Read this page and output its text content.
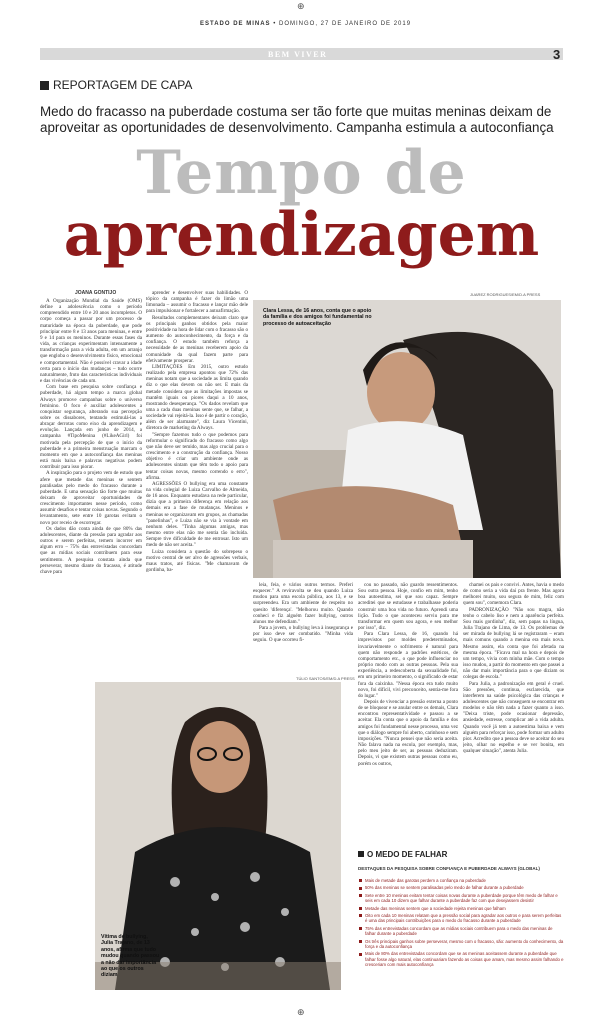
⊕
⊕
ESTADO DE MINAS • DOMINGO, 27 DE JANEIRO DE 2019
BEM VIVER	3
REPORTAGEM DE CAPA
Medo do fracasso na puberdade costuma ser tão forte que muitas meninas deixam de aproveitar as oportunidades de desenvolvimento. Campanha estimula a autoconfiança
Tempo de
aprendizagem
JOANA GONTIJO

A Organização Mundial da Saúde (OMS) define a adolescência como o período compreendido entre 10 e 20 anos incompletos. O corpo começa a passar por um processo de maturidade na época da puberdade, que pode principiar entre 8 e 13 anos para meninas, e entre 9 e 14 para os meninos. Durante essas fases da vida, as crianças experimentam intensamente a transformação para a vida adulta, em um arranjo que engloba o desenvolvimento físico, emocional e comportamental. Não é possível cravar a idade certa para o início das mudanças – tudo ocorre naturalmente, fruto das características individuais e das vivências de cada um.

Com base em pesquisa sobre confiança e puberdade, há algum tempo a marca global Always promove campanhas sobre o universo feminino. O foco é auxiliar adolescentes a conquistar segurança, alterando sua percepção sobre os dissabores, tentando estimulá-las a abraçar derrotas como eixo da aprendizagem e evolução. Lançada em junho de 2014, a campanha #TipoMenina (#LikeAGirl) foi motivada pela percepção de que o início da puberdade e a primeira menstruação marcam o momento em que a autoconfiança das meninas está mais baixa e palavras negativas podem contribuir para isso piorar.

A inspiração para o projeto vem de estudo que afere que metade das meninas se sentem paralisadas pelo medo do fracasso durante a puberdade. E uma sensação tão forte que muitas deixam de aproveitar oportunidades de crescimento importantes nesse período, como assumir desafios e tentar coisas novas. Segundo o levantamento, sete entre 10 garotas evitam o novo por receio de escorregar.

Os dados dão conta ainda de que 80% das adolescentes, diante da pressão para agradar aos outros e serem perfeitas, temem incorrer em algum erro – 75% das entrevistadas concordam que as mídias sociais contribuem para esse sentimento. A pesquisa constata ainda que perseverar, mesmo diante do fracasso, é atitude chave para

aprender e desenvolver suas habilidades. O tópico da campanha é fazer do limão uma limonada – assumir o fracasso e lançar mão dele para impulsionar e fortalecer a autoafirmação.

Resultados complementares deixam claro que os principais ganhos obtidos pela maior positividade na hora de lidar com o fracasso são o aumento do autoconhecimento, da força e da confiança. O estudo também reforça a necessidade de as meninas receberem apoio da comunidade da qual fazem parte para efetivamente prosperar.

LIMITAÇÕES Em 2015, outro estudo realizado pela empresa apontou que 72% das meninas notam que a sociedade as limita quando diz o que elas devem ou não ser. E mais da metade considera que as limitações impostas se mantêm iguais ou piores daqui a 10 anos, mostrando desesperança. "Os dados revelam que uma a cada duas meninas sente que, se falhar, a sociedade vai rejeitá-la. Isso é de partir o coração, além de ser alarmante", diz Laura Vicentini, diretora de marketing da Always.

"Sempre fazemos tudo o que podemos para reformular o significado do fracasso como algo que não deve ser temido, mas algo crucial para o crescimento e a construção da confiança. Nosso objetivo é criar um ambiente onde as adolescentes sintam que têm todo o apoio para tentar coisas novas, mesmo correndo o erro", afirma.

AGRESSÕES O bullying era uma constante na vida colegial de Luiza Carvalho de Almeida, de 16 anos. Enquanto estudava na rede particular, dizia que a primeira diferença em relação aos demais era a fase de mudanças. Meninos e meninas se organizavam em grupos, as chamadas "panelinhas", e Luiza não se via à vontade em nenhum deles. "Tinha algumas amigas, mas mesmo entre elas não me sentia tão incluída. Sempre tive dificuldade de me entrosar. Isto um medo de não ser aceita."

Luiza considera a questão do sobrepeso o motivo central de ser alvo de agressões verbais, maus tratos, até físicas. "Me chamavam de gordinha, ba-

JUAREZ RODRIGUES/EM/D.A PRESS
Clara Lessa, de 16 anos, conta que o apoio da família e dos amigos foi fundamental no processo de autoaceitação

leia, feia, e vários outros termos. Preferi esquecer." A reviravolta se deu quando Luiza mudou para uma escola pública, aos 13, e se surpreendeu. Era um ambiente de respeito no quesito 'diferença'. "Melhorou muito. Quando conheci e fiz alguém fazer bullying, outros alunos me defendiam."

Para a jovem, o bullying leva à insegurança e por isso deve ser combatido. "Minha vida seguiu. O que ocorreu fi-

cou no passado, não guardo ressentimentos. Sou outra pessoa. Hoje, confio em mim, tenho boa autoestima, sei que sou capaz. Sempre acreditei que se estudasse e trabalhasse poderia construir uma boa vida no futuro. Aprendi uma lição. Tudo o que aconteceu serviu para me transformar em quem sou agora, e seu melhor por isso", diz.

Para Clara Lessa, de 16, quando há imprevistos por moldes predeterminados, invariavelmente o sofrimento é natural para quem não responde a padrões estéticos, de comportamento etc., o que pode influenciar no próprio modo com as outras pessoas. Pela sua experiência, a redescoberta da sexualidade foi, em um primeiro momento, o significado de estar fora da caixinha. "Nessa época era tudo muito novo, foi difícil, vivi preconceito, sentia-me fora do lugar."

Depois de vivenciar a pressão externa a ponto de se bloquear e se anular entre os demais, Clara encontrou representatividade e passou a se aceitar. Ela conta que o apoio da família e dos amigos foi fundamental nesse processo, uma vez que o diálogo sempre foi aberto, carinhoso e sem imposições. "Nunca pensei que não seria aceita. Não falava nada na escola, por exemplo, mas, pelo meu jeito de ser, as pessoas deduziram. Depois, vi que existem outras pessoas como eu, porém os outros,

chamei os pais e convivi. Antes, havia o medo de como seria a vida daí pra frente. Mas agora melhorei muito, sou segura de mim, feliz com quem sou", comemora Clara.

PADRONIZAÇÃO "Não sou magra, não tenho o cabelo liso e nem a aparência perfeita. Sou mais gordinha", diz, sem papas na língua, Julia Trajano de Lima, de 13. Os problemas de ser mirada de bullying lá se registraram – eram mais comuns quando a menina era mais nova. Mesmo assim, ela conta que foi afetada na mesma época. "Ficava mal na hora e depois de um tempo, vivia com minha mãe. Com o tempo isso mudou, a partir do momento em que passei a não dar mais importância para o que diziam os colegas de escola."

Para Julia, a padronização em geral é cruel. São pressões, continua, esclarecida, que interferem na saúde psicológica das crianças e adolescentes que não conseguem se encontrar em modelos e não têm nada a fazer quanto a isso. "Deixa triste, pode ocasionar depressão, ansiedade, estresse, complicar até a vida adulta. Quando você já tem a autoestima baixa e vem alguém para reforçar isso, pode formar um adulto pior. Acredito que a pessoa deve se aceitar do seu jeito, olhar no espelho e se ver bonita, em qualquer situação", atenta Julia.

TÚLIO SANTOS/EM/D.A PRESS
Vítima de bullying, Julia Trajano, de 13 anos, afirma que tudo mudou quando passou a não dar importância ao que os outros diziam
O MEDO DE FALHAR
DESTAQUES DA PESQUISA SOBRE CONFIANÇA E PUBERDADE ALWAYS (GLOBAL)
Mais de metade das garotas perdem a confiança na puberdade
50% das meninas se sentem paralisadas pelo medo de falhar durante a puberdade
Sete entre 10 meninas evitam tentar coisas novas durante a puberdade porque têm medo de falhar e seis em cada 10 dizem que falhar durante a puberdade faz com que desejassem desistir
Metade das meninas sentem que a sociedade rejeita meninas que falham
Oito em cada 10 meninas relatam que a pressão social para agradar aos outros e para serem perfeitas é uma das principais contribuições para o medo do fracasso durante a puberdade
75% das entrevistadas concordam que as mídias sociais contribuem para o medo das meninas de falhar durante a puberdade
Os três principais ganhos sobre perseverar, mesmo com o fracasso, são: aumento do conhecimento, da força e da autoconfiança
Mais de 80% das entrevistadas concordam que se as meninas aceitassem durante a puberdade que falhar fosse algo natural, elas continuariam fazendo as coisas que amam, mas mesmo assim falhando e cresceriam com mais autoconfiança
